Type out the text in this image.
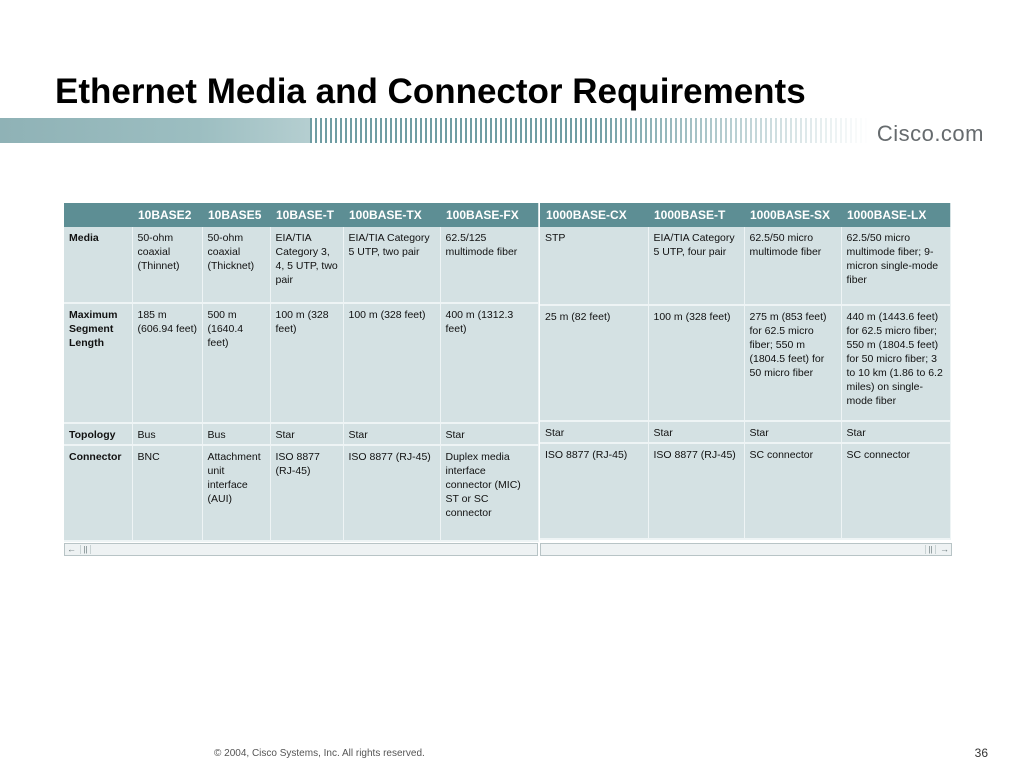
Ethernet Media and Connector Requirements
Cisco.com
	10BASE2	10BASE5	10BASE-T	100BASE-TX	100BASE-FX
Media	50-ohm coaxial (Thinnet)	50-ohm coaxial (Thicknet)	EIA/TIA Category 3, 4, 5 UTP, two pair	EIA/TIA Category 5 UTP, two pair	62.5/125 multimode fiber
Maximum Segment Length	185 m (606.94 feet)	500 m (1640.4 feet)	100 m (328 feet)	100 m (328 feet)	400 m (1312.3 feet)
Topology	Bus	Bus	Star	Star	Star
Connector	BNC	Attachment unit interface (AUI)	ISO 8877 (RJ-45)	ISO 8877 (RJ-45)	Duplex media interface connector (MIC) ST or SC connector
1000BASE-CX	1000BASE-T	1000BASE-SX	1000BASE-LX
STP	EIA/TIA Category 5 UTP, four pair	62.5/50 micro multimode fiber	62.5/50 micro multimode fiber; 9-micron single-mode fiber
25 m (82 feet)	100 m (328 feet)	275 m (853 feet) for 62.5 micro fiber; 550 m (1804.5 feet) for 50 micro fiber	440 m (1443.6 feet) for 62.5 micro fiber; 550 m (1804.5 feet) for 50 micro fiber; 3 to 10 km (1.86 to 6.2 miles) on single-mode fiber
Star	Star	Star	Star
ISO 8877 (RJ-45)	ISO 8877 (RJ-45)	SC connector	SC connector
← ||	|| →
© 2004, Cisco Systems, Inc. All rights reserved.	36
